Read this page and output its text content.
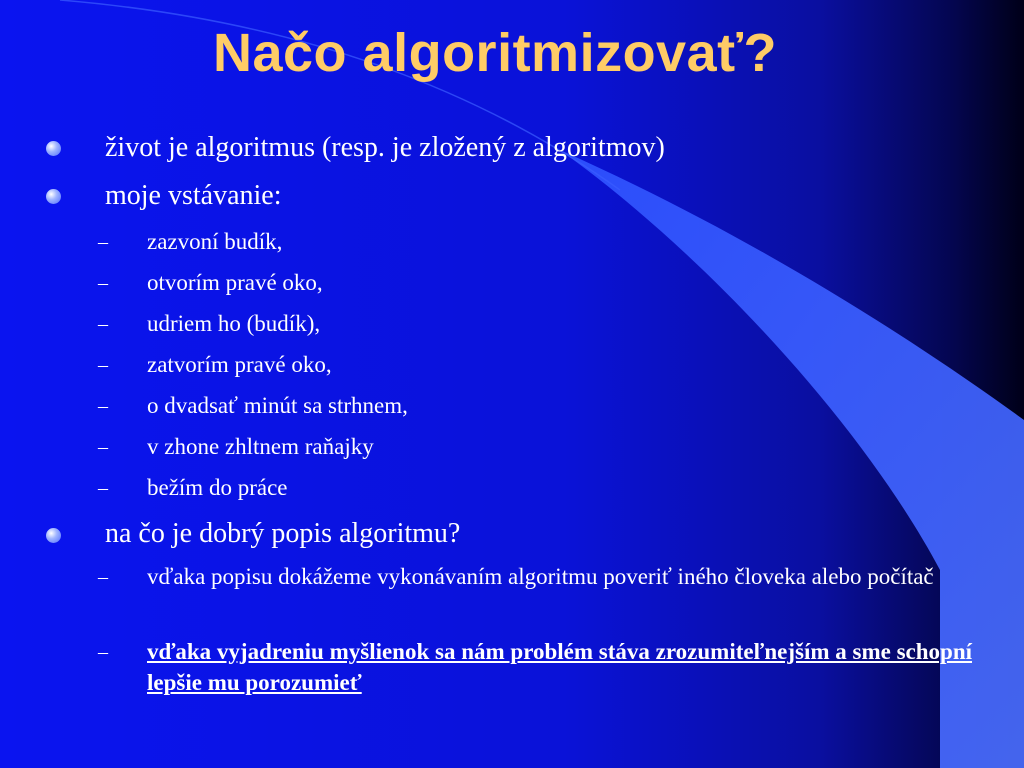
Načo algoritmizovať?
život je algoritmus (resp. je zložený z algoritmov)
moje vstávanie:
– zazvoní budík,
– otvorím pravé oko,
– udriem ho (budík),
– zatvorím pravé oko,
– o dvadsať minút sa strhnem,
– v zhone zhltnem raňajky
– bežím do práce
na čo je dobrý popis algoritmu?
– vďaka popisu dokážeme vykonávaním algoritmu poveriť iného človeka alebo počítač
– vďaka vyjadreniu myšlienok sa nám problém stáva zrozumiteľnejším a sme schopní lepšie mu porozumieť
